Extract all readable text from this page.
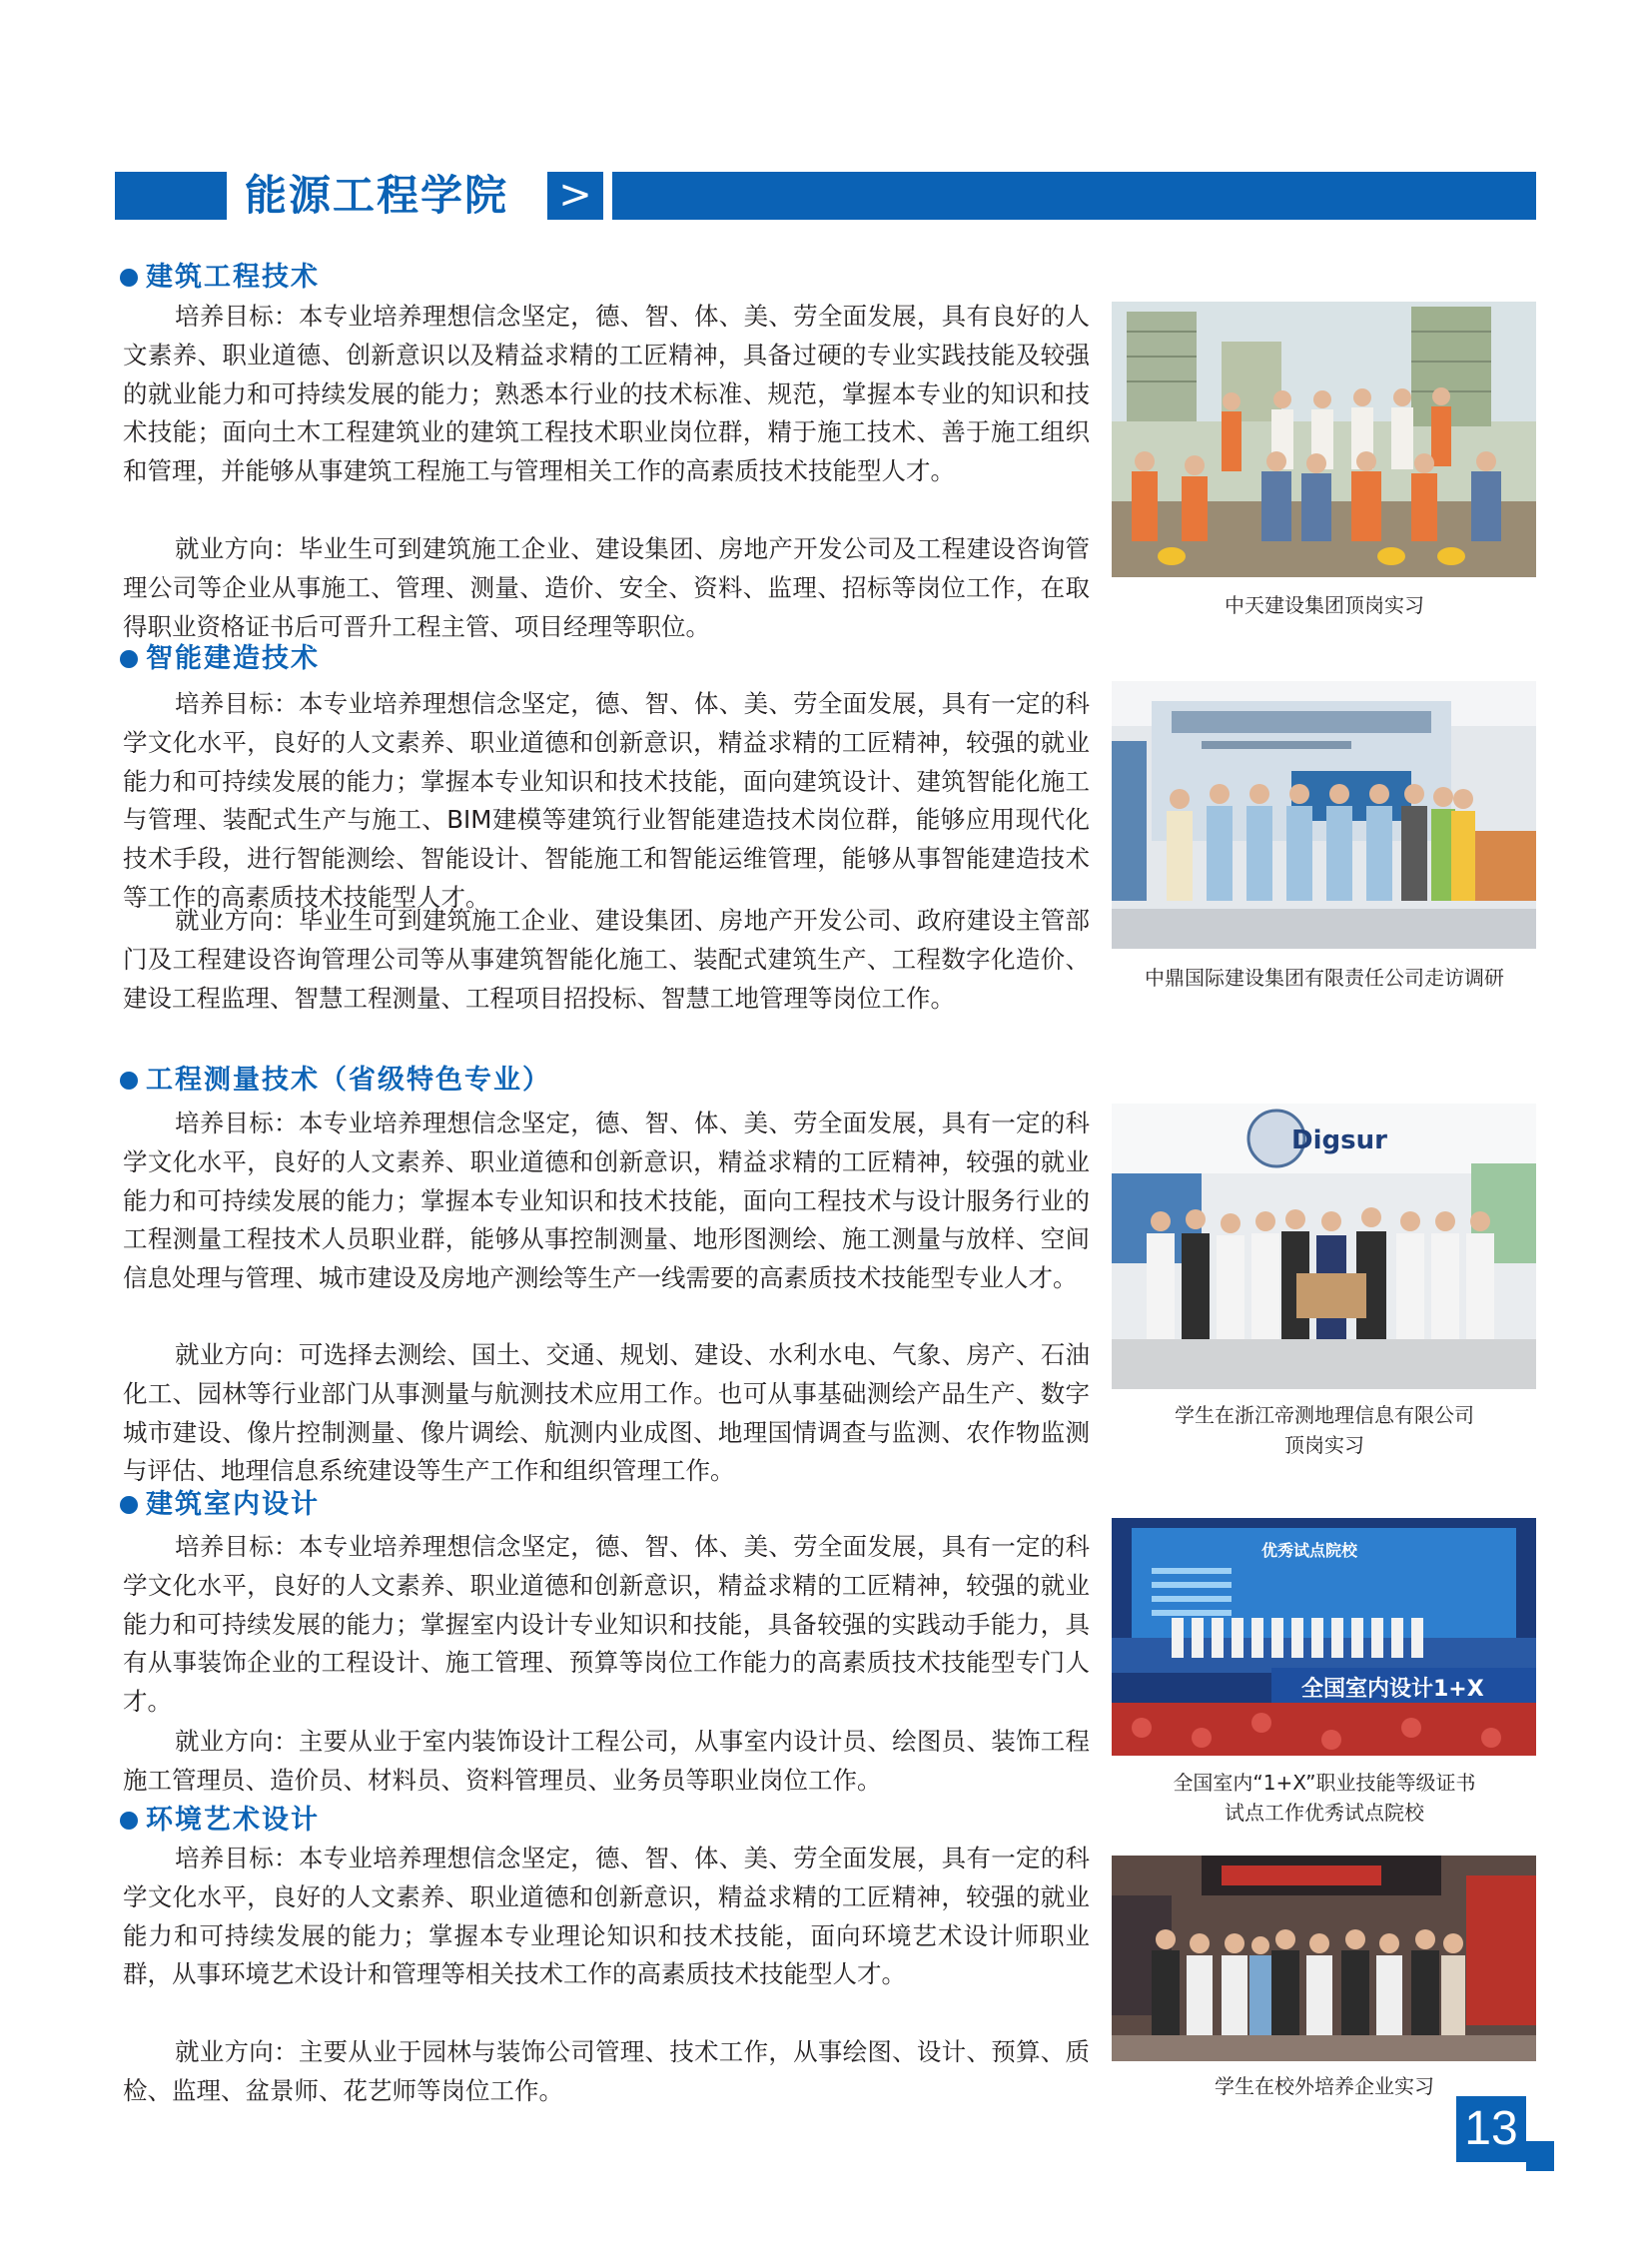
能源工程学院 >
建筑工程技术

培养目标：本专业培养理想信念坚定，德、智、体、美、劳全面发展，具有良好的人文素养、职业道德、创新意识以及精益求精的工匠精神，具备过硬的专业实践技能及较强的就业能力和可持续发展的能力；熟悉本行业的技术标准、规范，掌握本专业的知识和技术技能；面向土木工程建筑业的建筑工程技术职业岗位群，精于施工技术、善于施工组织和管理，并能够从事建筑工程施工与管理相关工作的高素质技术技能型人才。

就业方向：毕业生可到建筑施工企业、建设集团、房地产开发公司及工程建设咨询管理公司等企业从事施工、管理、测量、造价、安全、资料、监理、招标等岗位工作，在取得职业资格证书后可晋升工程主管、项目经理等职位。

智能建造技术

培养目标：本专业培养理想信念坚定，德、智、体、美、劳全面发展，具有一定的科学文化水平，良好的人文素养、职业道德和创新意识，精益求精的工匠精神，较强的就业能力和可持续发展的能力；掌握本专业知识和技术技能，面向建筑设计、建筑智能化施工与管理、装配式生产与施工、BIM建模等建筑行业智能建造技术岗位群，能够应用现代化技术手段，进行智能测绘、智能设计、智能施工和智能运维管理，能够从事智能建造技术等工作的高素质技术技能型人才。

就业方向：毕业生可到建筑施工企业、建设集团、房地产开发公司、政府建设主管部门及工程建设咨询管理公司等从事建筑智能化施工、装配式建筑生产、工程数字化造价、建设工程监理、智慧工程测量、工程项目招投标、智慧工地管理等岗位工作。

工程测量技术（省级特色专业）

培养目标：本专业培养理想信念坚定，德、智、体、美、劳全面发展，具有一定的科学文化水平，良好的人文素养、职业道德和创新意识，精益求精的工匠精神，较强的就业能力和可持续发展的能力；掌握本专业知识和技术技能，面向工程技术与设计服务行业的工程测量工程技术人员职业群，能够从事控制测量、地形图测绘、施工测量与放样、空间信息处理与管理、城市建设及房地产测绘等生产一线需要的高素质技术技能型专业人才。

就业方向：可选择去测绘、国土、交通、规划、建设、水利水电、气象、房产、石油化工、园林等行业部门从事测量与航测技术应用工作。也可从事基础测绘产品生产、数字城市建设、像片控制测量、像片调绘、航测内业成图、地理国情调查与监测、农作物监测与评估、地理信息系统建设等生产工作和组织管理工作。

建筑室内设计

培养目标：本专业培养理想信念坚定，德、智、体、美、劳全面发展，具有一定的科学文化水平，良好的人文素养、职业道德和创新意识，精益求精的工匠精神，较强的就业能力和可持续发展的能力；掌握室内设计专业知识和技能，具备较强的实践动手能力，具有从事装饰企业的工程设计、施工管理、预算等岗位工作能力的高素质技术技能型专门人才。

就业方向：主要从业于室内装饰设计工程公司，从事室内设计员、绘图员、装饰工程施工管理员、造价员、材料员、资料管理员、业务员等职业岗位工作。

环境艺术设计

培养目标：本专业培养理想信念坚定，德、智、体、美、劳全面发展，具有一定的科学文化水平，良好的人文素养、职业道德和创新意识，精益求精的工匠精神，较强的就业能力和可持续发展的能力；掌握本专业理论知识和技术技能，面向环境艺术设计师职业群，从事环境艺术设计和管理等相关技术工作的高素质技术技能型人才。

就业方向：主要从业于园林与装饰公司管理、技术工作，从事绘图、设计、预算、质检、监理、盆景师、花艺师等岗位工作。

中天建设集团顶岗实习
中鼎国际建设集团有限责任公司走访调研
Digsur
学生在浙江帝测地理信息有限公司
顶岗实习
优秀试点院校
全国室内设计1+X
全国室内“1+X”职业技能等级证书
试点工作优秀试点院校
学生在校外培养企业实习
13
